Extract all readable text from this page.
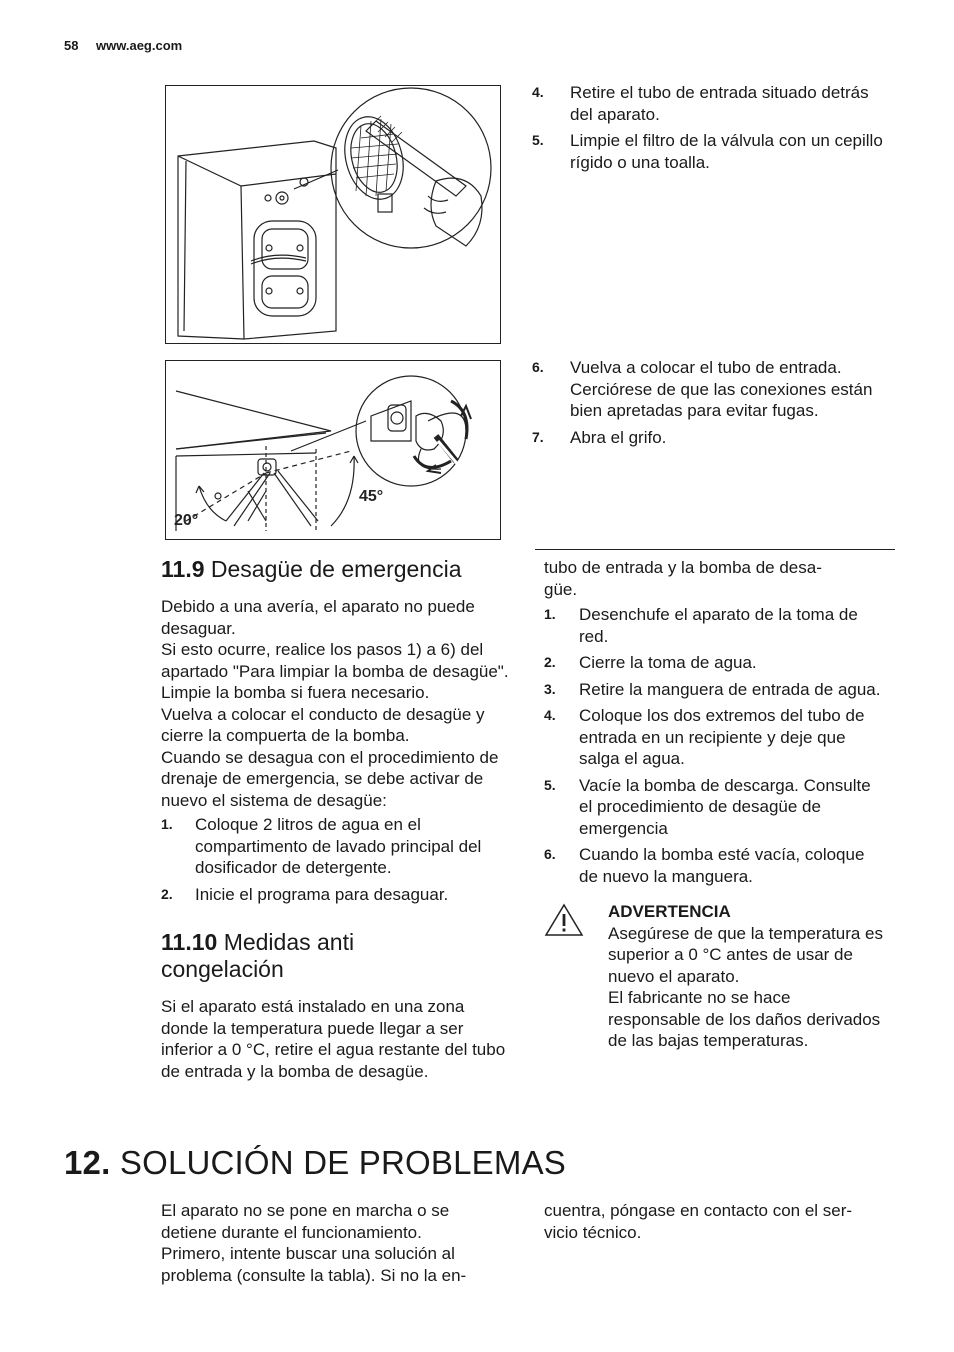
58 www.aeg.com
20°
45°
4. Retire el tubo de entrada situado detrás del aparato.
5. Limpie el filtro de la válvula con un cepillo rígido o una toalla.
6. Vuelva a colocar el tubo de entrada. Cerciórese de que las conexiones están bien apretadas para evitar fugas.
7. Abra el grifo.
11.9 Desagüe de emergencia

Debido a una avería, el aparato no puede desaguar.
Si esto ocurre, realice los pasos 1) a 6) del apartado "Para limpiar la bomba de desagüe".
Limpie la bomba si fuera necesario.
Vuelva a colocar el conducto de desagüe y cierre la compuerta de la bomba.
Cuando se desagua con el procedimiento de drenaje de emergencia, se debe activar de nuevo el sistema de desagüe:

1. Coloque 2 litros de agua en el compartimento de lavado principal del dosificador de detergente.
2. Inicie el programa para desaguar.
11.10 Medidas anti congelación

Si el aparato está instalado en una zona donde la temperatura puede llegar a ser inferior a 0 °C, retire el agua restante del tubo de entrada y la bomba de desagüe.

tubo de entrada y la bomba de desa-
güe.

1. Desenchufe el aparato de la toma de red.
2. Cierre la toma de agua.
3. Retire la manguera de entrada de agua.
4. Coloque los dos extremos del tubo de entrada en un recipiente y deje que salga el agua.
5. Vacíe la bomba de descarga. Consulte el procedimiento de desagüe de emergencia
6. Cuando la bomba esté vacía, coloque de nuevo la manguera.
ADVERTENCIA
Asegúrese de que la temperatura es superior a 0 °C antes de usar de nuevo el aparato.
El fabricante no se hace responsable de los daños derivados de las bajas temperaturas.
12. SOLUCIÓN DE PROBLEMAS
El aparato no se pone en marcha o se detiene durante el funcionamiento.
Primero, intente buscar una solución al problema (consulte la tabla). Si no la en-
cuentra, póngase en contacto con el ser-
vicio técnico.
